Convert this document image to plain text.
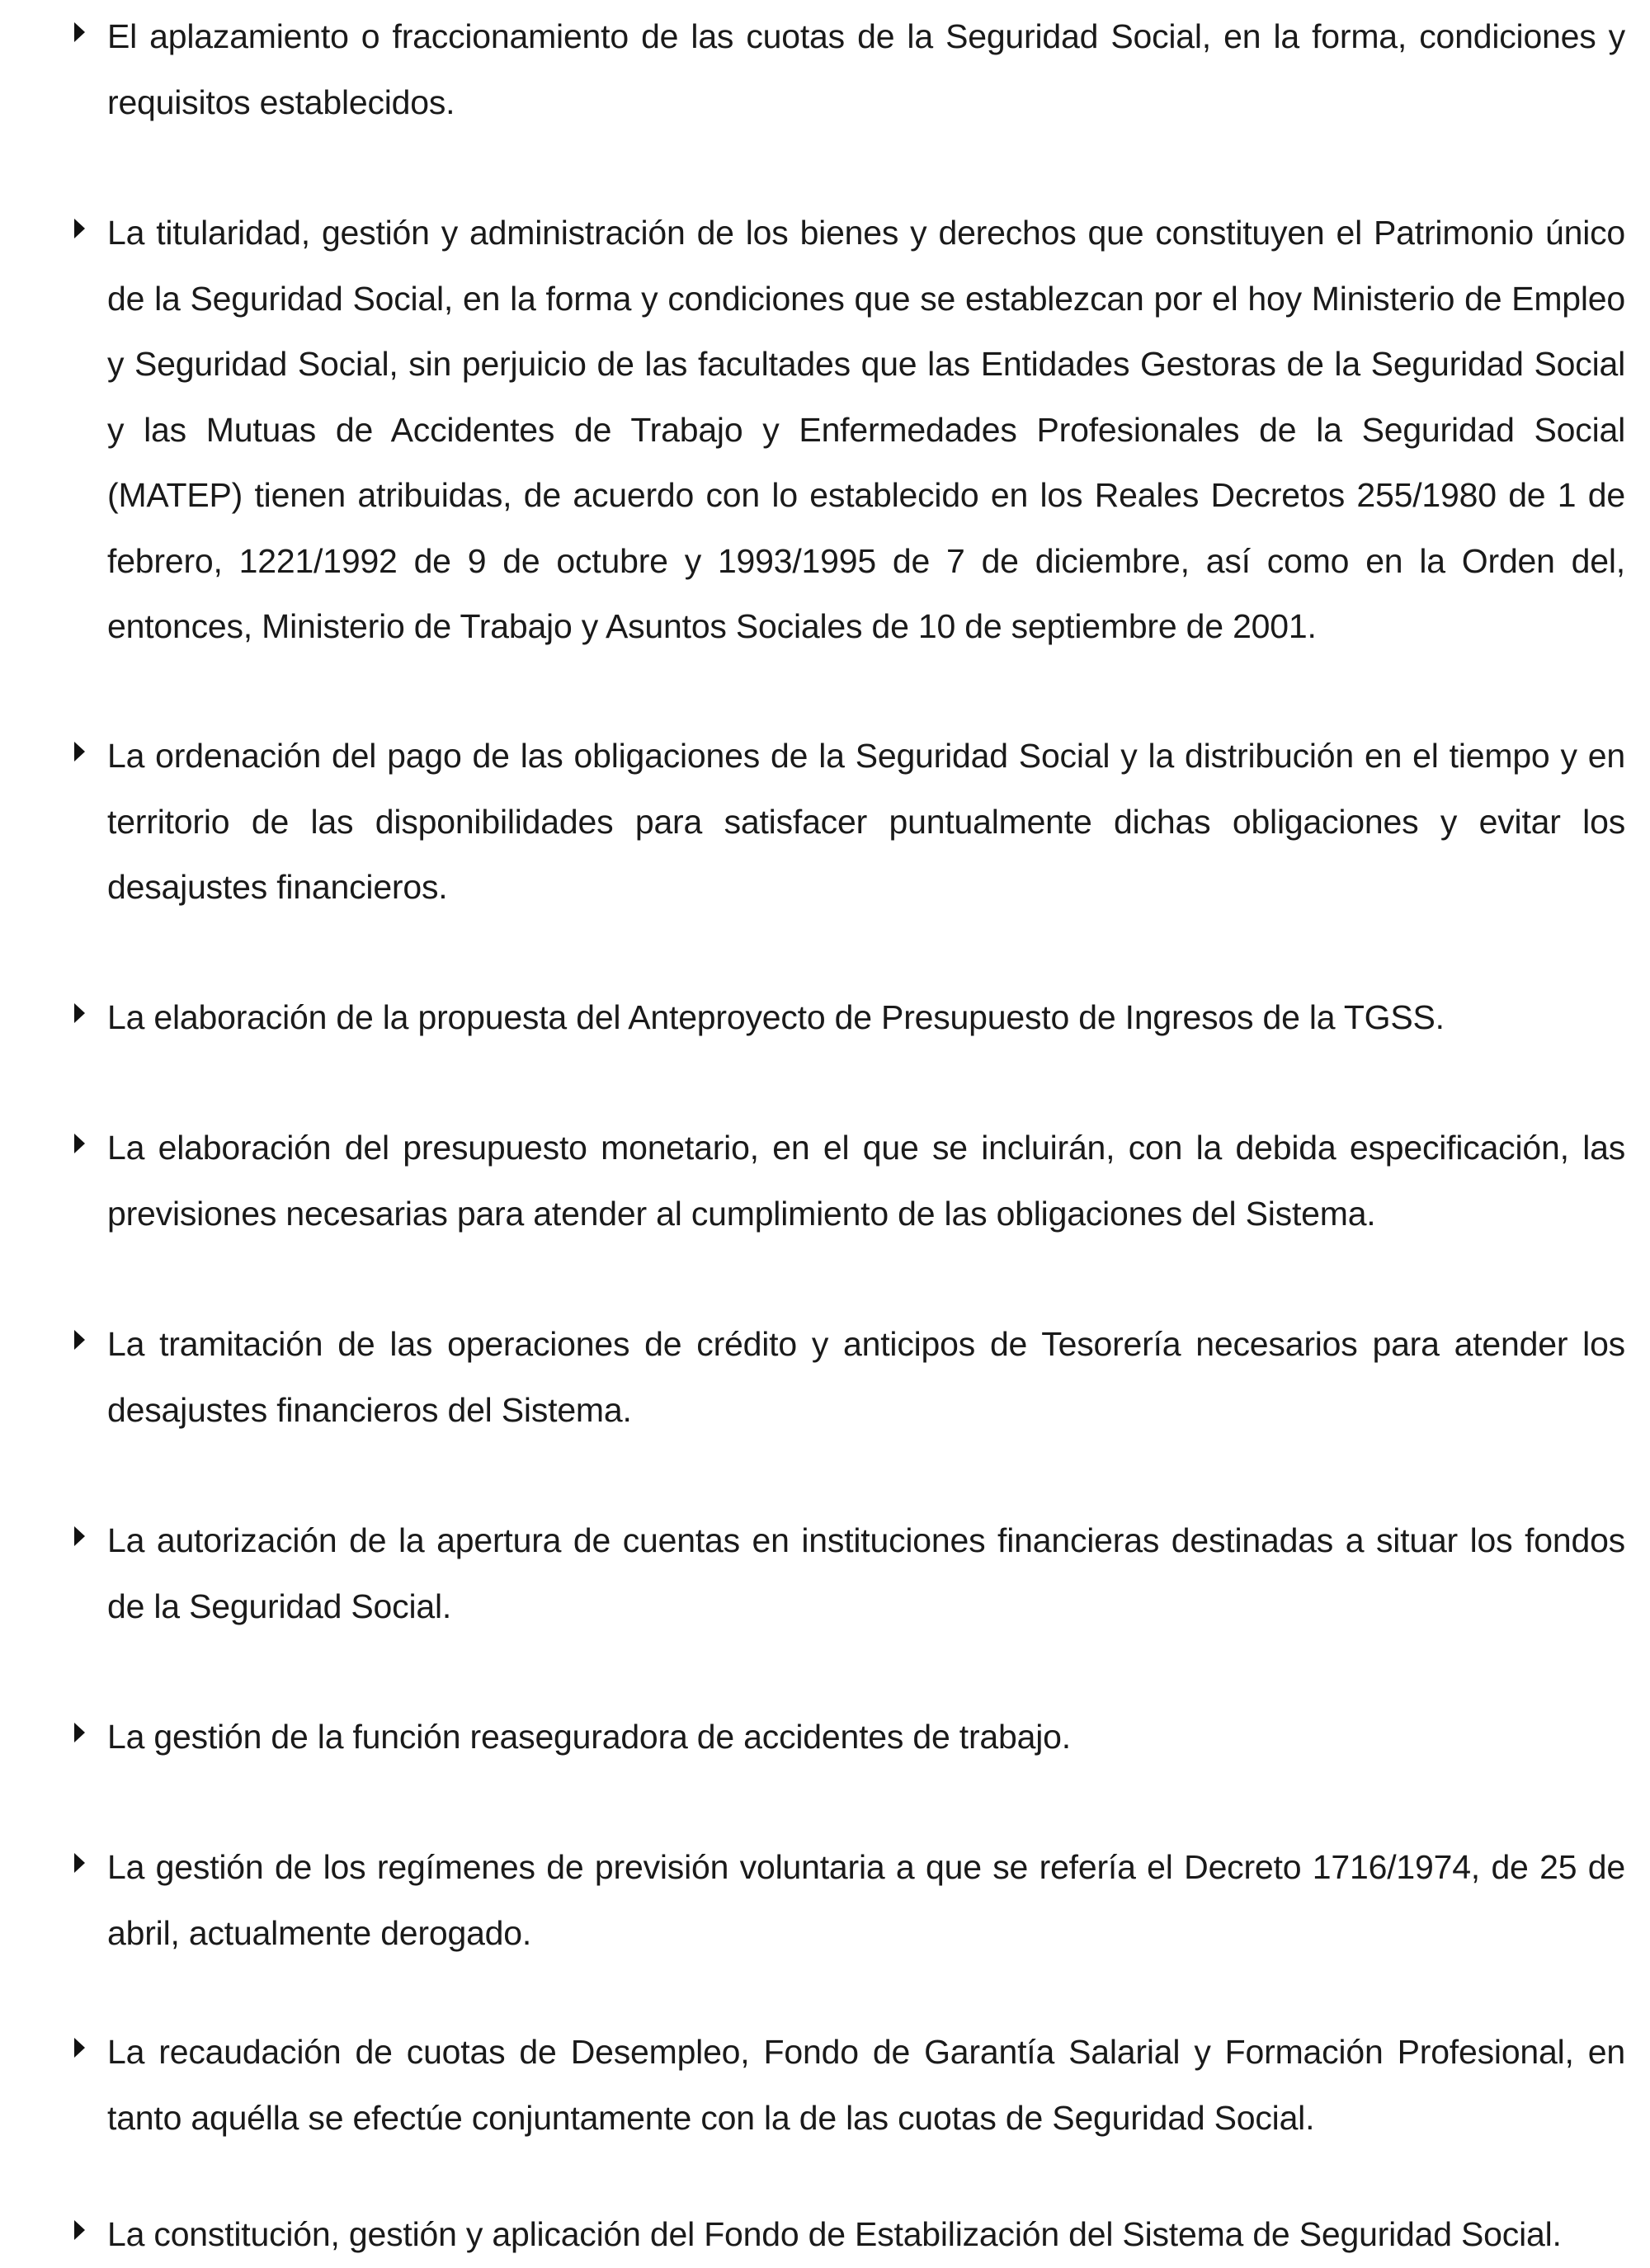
El aplazamiento o fraccionamiento de las cuotas de la Seguridad Social, en la forma, condiciones y requisitos establecidos.

La titularidad, gestión y administración de los bienes y derechos que constituyen el Patrimonio único de la Seguridad Social, en la forma y condiciones que se establezcan por el hoy Ministerio de Empleo y Seguridad Social, sin perjuicio de las facultades que las Entidades Gestoras de la Seguridad Social y las Mutuas de Accidentes de Trabajo y Enfermedades Profesionales de la Seguridad Social (MATEP) tienen atribuidas, de acuerdo con lo establecido en los Reales Decretos 255/1980 de 1 de febrero, 1221/1992 de 9 de octubre y 1993/1995 de 7 de diciembre, así como en la Orden del, entonces, Ministerio de Trabajo y Asuntos Sociales de 10 de septiembre de 2001.

La ordenación del pago de las obligaciones de la Seguridad Social y la distribución en el tiempo y en territorio de las disponibilidades para satisfacer puntualmente dichas obligaciones y evitar los desajustes financieros.

La elaboración de la propuesta del Anteproyecto de Presupuesto de Ingresos de la TGSS.

La elaboración del presupuesto monetario, en el que se incluirán, con la debida especificación, las previsiones necesarias para atender al cumplimiento de las obligaciones del Sistema.

La tramitación de las operaciones de crédito y anticipos de Tesorería necesarios para atender los desajustes financieros del Sistema.

La autorización de la apertura de cuentas en instituciones financieras destinadas a situar los fondos de la Seguridad Social.

La gestión de la función reaseguradora de accidentes de trabajo.

La gestión de los regímenes de previsión voluntaria a que se refería el Decreto 1716/1974, de 25 de abril, actualmente derogado.

La recaudación de cuotas de Desempleo, Fondo de Garantía Salarial y Formación Profesional, en tanto aquélla se efectúe conjuntamente con la de las cuotas de Seguridad Social.

La constitución, gestión y aplicación del Fondo de Estabilización del Sistema de Seguridad Social.
